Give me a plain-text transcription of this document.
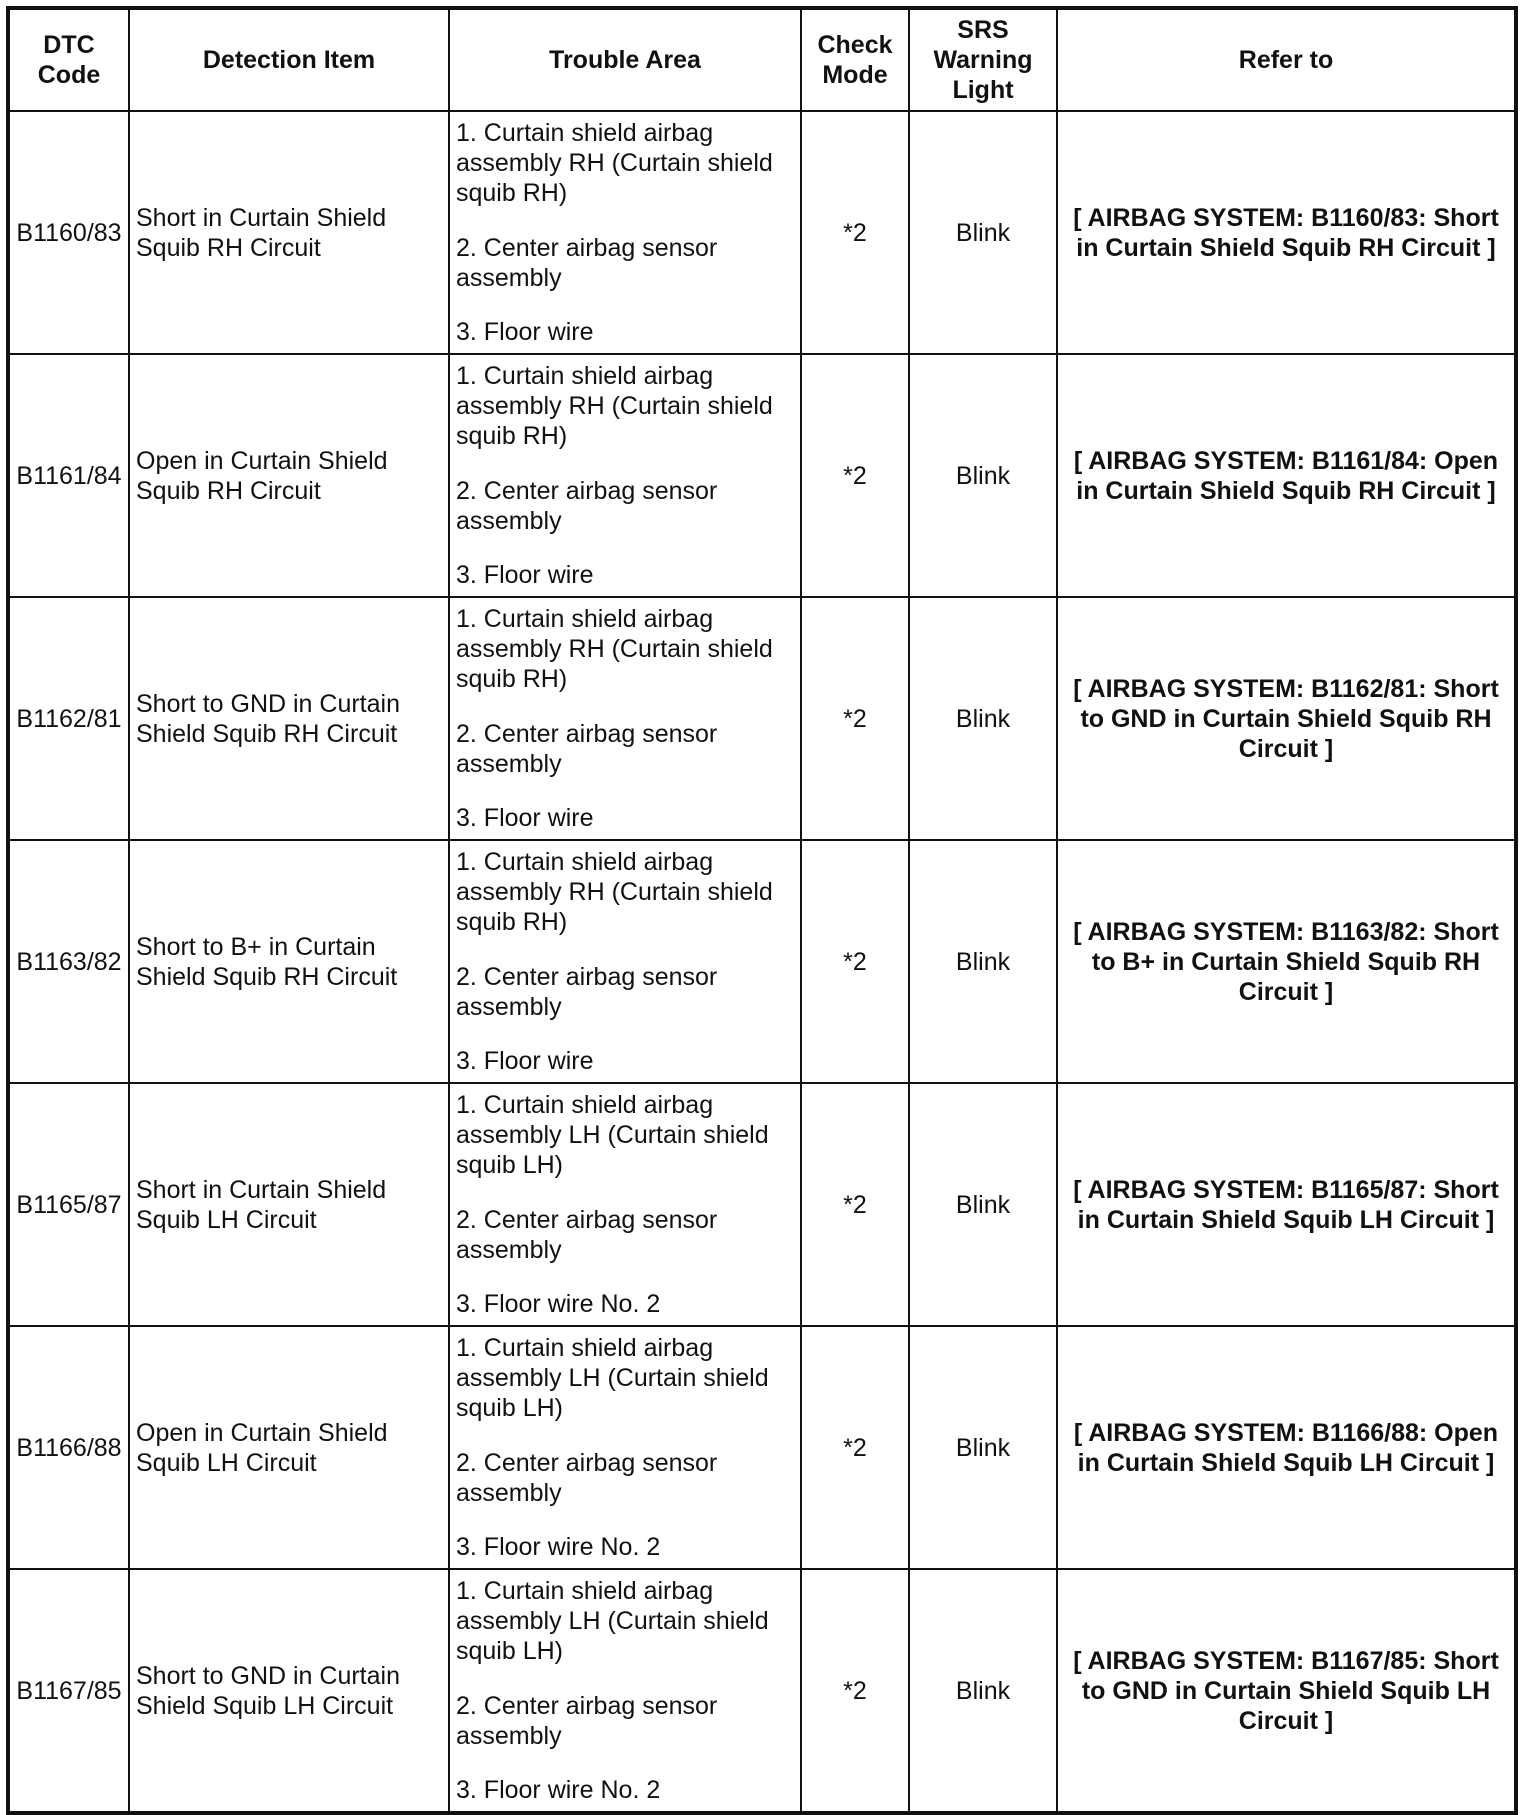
DTC Code	Detection Item	Trouble Area	Check Mode	SRS Warning Light	Refer to
B1160/83	Short in Curtain Shield Squib RH Circuit	1. Curtain shield airbag assembly RH (Curtain shield squib RH)
2. Center airbag sensor assembly
3. Floor wire	*2	Blink	[ AIRBAG SYSTEM: B1160/83: Short in Curtain Shield Squib RH Circuit ]
B1161/84	Open in Curtain Shield Squib RH Circuit	1. Curtain shield airbag assembly RH (Curtain shield squib RH)
2. Center airbag sensor assembly
3. Floor wire	*2	Blink	[ AIRBAG SYSTEM: B1161/84: Open in Curtain Shield Squib RH Circuit ]
B1162/81	Short to GND in Curtain Shield Squib RH Circuit	1. Curtain shield airbag assembly RH (Curtain shield squib RH)
2. Center airbag sensor assembly
3. Floor wire	*2	Blink	[ AIRBAG SYSTEM: B1162/81: Short to GND in Curtain Shield Squib RH Circuit ]
B1163/82	Short to B+ in Curtain Shield Squib RH Circuit	1. Curtain shield airbag assembly RH (Curtain shield squib RH)
2. Center airbag sensor assembly
3. Floor wire	*2	Blink	[ AIRBAG SYSTEM: B1163/82: Short to B+ in Curtain Shield Squib RH Circuit ]
B1165/87	Short in Curtain Shield Squib LH Circuit	1. Curtain shield airbag assembly LH (Curtain shield squib LH)
2. Center airbag sensor assembly
3. Floor wire No. 2	*2	Blink	[ AIRBAG SYSTEM: B1165/87: Short in Curtain Shield Squib LH Circuit ]
B1166/88	Open in Curtain Shield Squib LH Circuit	1. Curtain shield airbag assembly LH (Curtain shield squib LH)
2. Center airbag sensor assembly
3. Floor wire No. 2	*2	Blink	[ AIRBAG SYSTEM: B1166/88: Open in Curtain Shield Squib LH Circuit ]
B1167/85	Short to GND in Curtain Shield Squib LH Circuit	1. Curtain shield airbag assembly LH (Curtain shield squib LH)
2. Center airbag sensor assembly
3. Floor wire No. 2	*2	Blink	[ AIRBAG SYSTEM: B1167/85: Short to GND in Curtain Shield Squib LH Circuit ]
